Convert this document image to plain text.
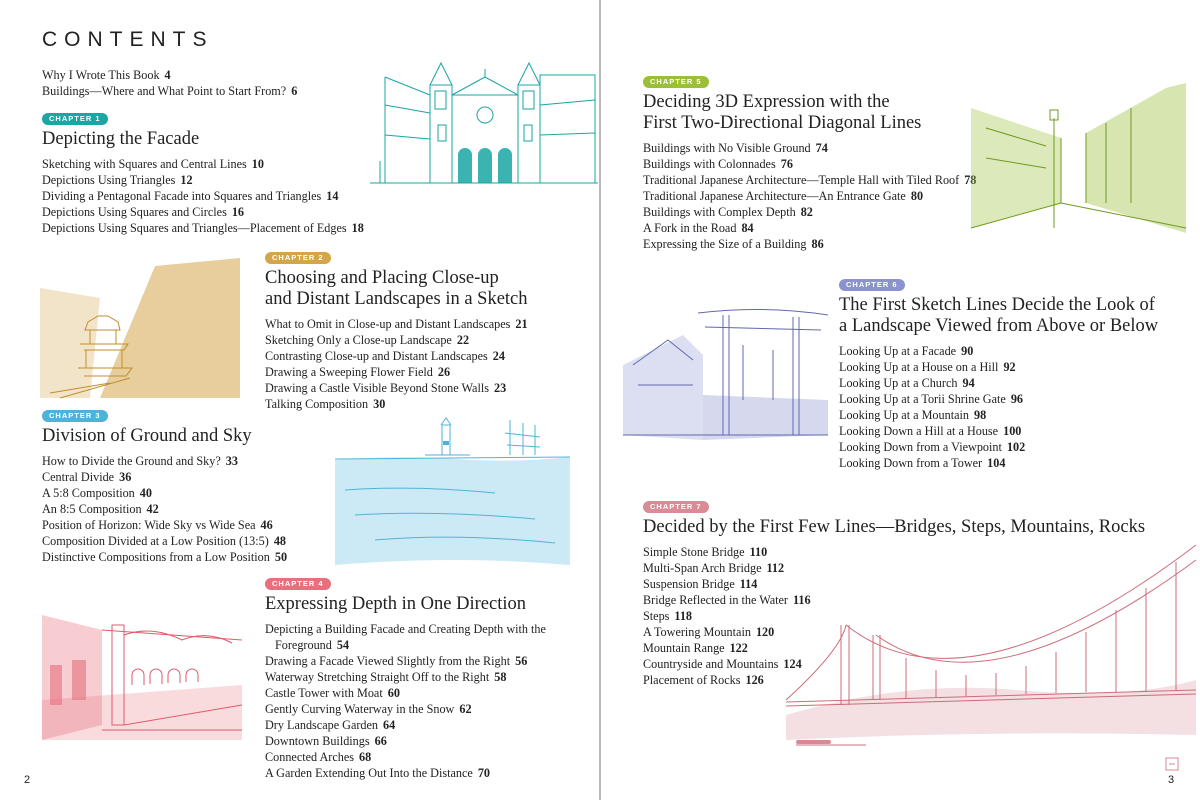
CONTENTS
Why I Wrote This Book 4
Buildings—Where and What Point to Start From? 6
CHAPTER 1
Depicting the Facade
Sketching with Squares and Central Lines 10
Depictions Using Triangles 12
Dividing a Pentagonal Facade into Squares and Triangles 14
Depictions Using Squares and Circles 16
Depictions Using Squares and Triangles—Placement of Edges 18
CHAPTER 2
Choosing and Placing Close-up
and Distant Landscapes in a Sketch
What to Omit in Close-up and Distant Landscapes 21
Sketching Only a Close-up Landscape 22
Contrasting Close-up and Distant Landscapes 24
Drawing a Sweeping Flower Field 26
Drawing a Castle Visible Beyond Stone Walls 23
Talking Composition 30
CHAPTER 3
Division of Ground and Sky
How to Divide the Ground and Sky? 33
Central Divide 36
A 5:8 Composition 40
An 8:5 Composition 42
Position of Horizon: Wide Sky vs Wide Sea 46
Composition Divided at a Low Position (13:5) 48
Distinctive Compositions from a Low Position 50
CHAPTER 4
Expressing Depth in One Direction
Depicting a Building Facade and Creating Depth with the Foreground 54
Drawing a Facade Viewed Slightly from the Right 56
Waterway Stretching Straight Off to the Right 58
Castle Tower with Moat 60
Gently Curving Waterway in the Snow 62
Dry Landscape Garden 64
Downtown Buildings 66
Connected Arches 68
A Garden Extending Out Into the Distance 70
2
CHAPTER 5
Deciding 3D Expression with the
First Two-Directional Diagonal Lines
Buildings with No Visible Ground 74
Buildings with Colonnades 76
Traditional Japanese Architecture—Temple Hall with Tiled Roof 78
Traditional Japanese Architecture—An Entrance Gate 80
Buildings with Complex Depth 82
A Fork in the Road 84
Expressing the Size of a Building 86
CHAPTER 6
The First Sketch Lines Decide the Look of
a Landscape Viewed from Above or Below
Looking Up at a Facade 90
Looking Up at a House on a Hill 92
Looking Up at a Church 94
Looking Up at a Torii Shrine Gate 96
Looking Up at a Mountain 98
Looking Down a Hill at a House 100
Looking Down from a Viewpoint 102
Looking Down from a Tower 104
CHAPTER 7
Decided by the First Few Lines—Bridges, Steps, Mountains, Rocks
Simple Stone Bridge 110
Multi-Span Arch Bridge 112
Suspension Bridge 114
Bridge Reflected in the Water 116
Steps 118
A Towering Mountain 120
Mountain Range 122
Countryside and Mountains 124
Placement of Rocks 126
3
